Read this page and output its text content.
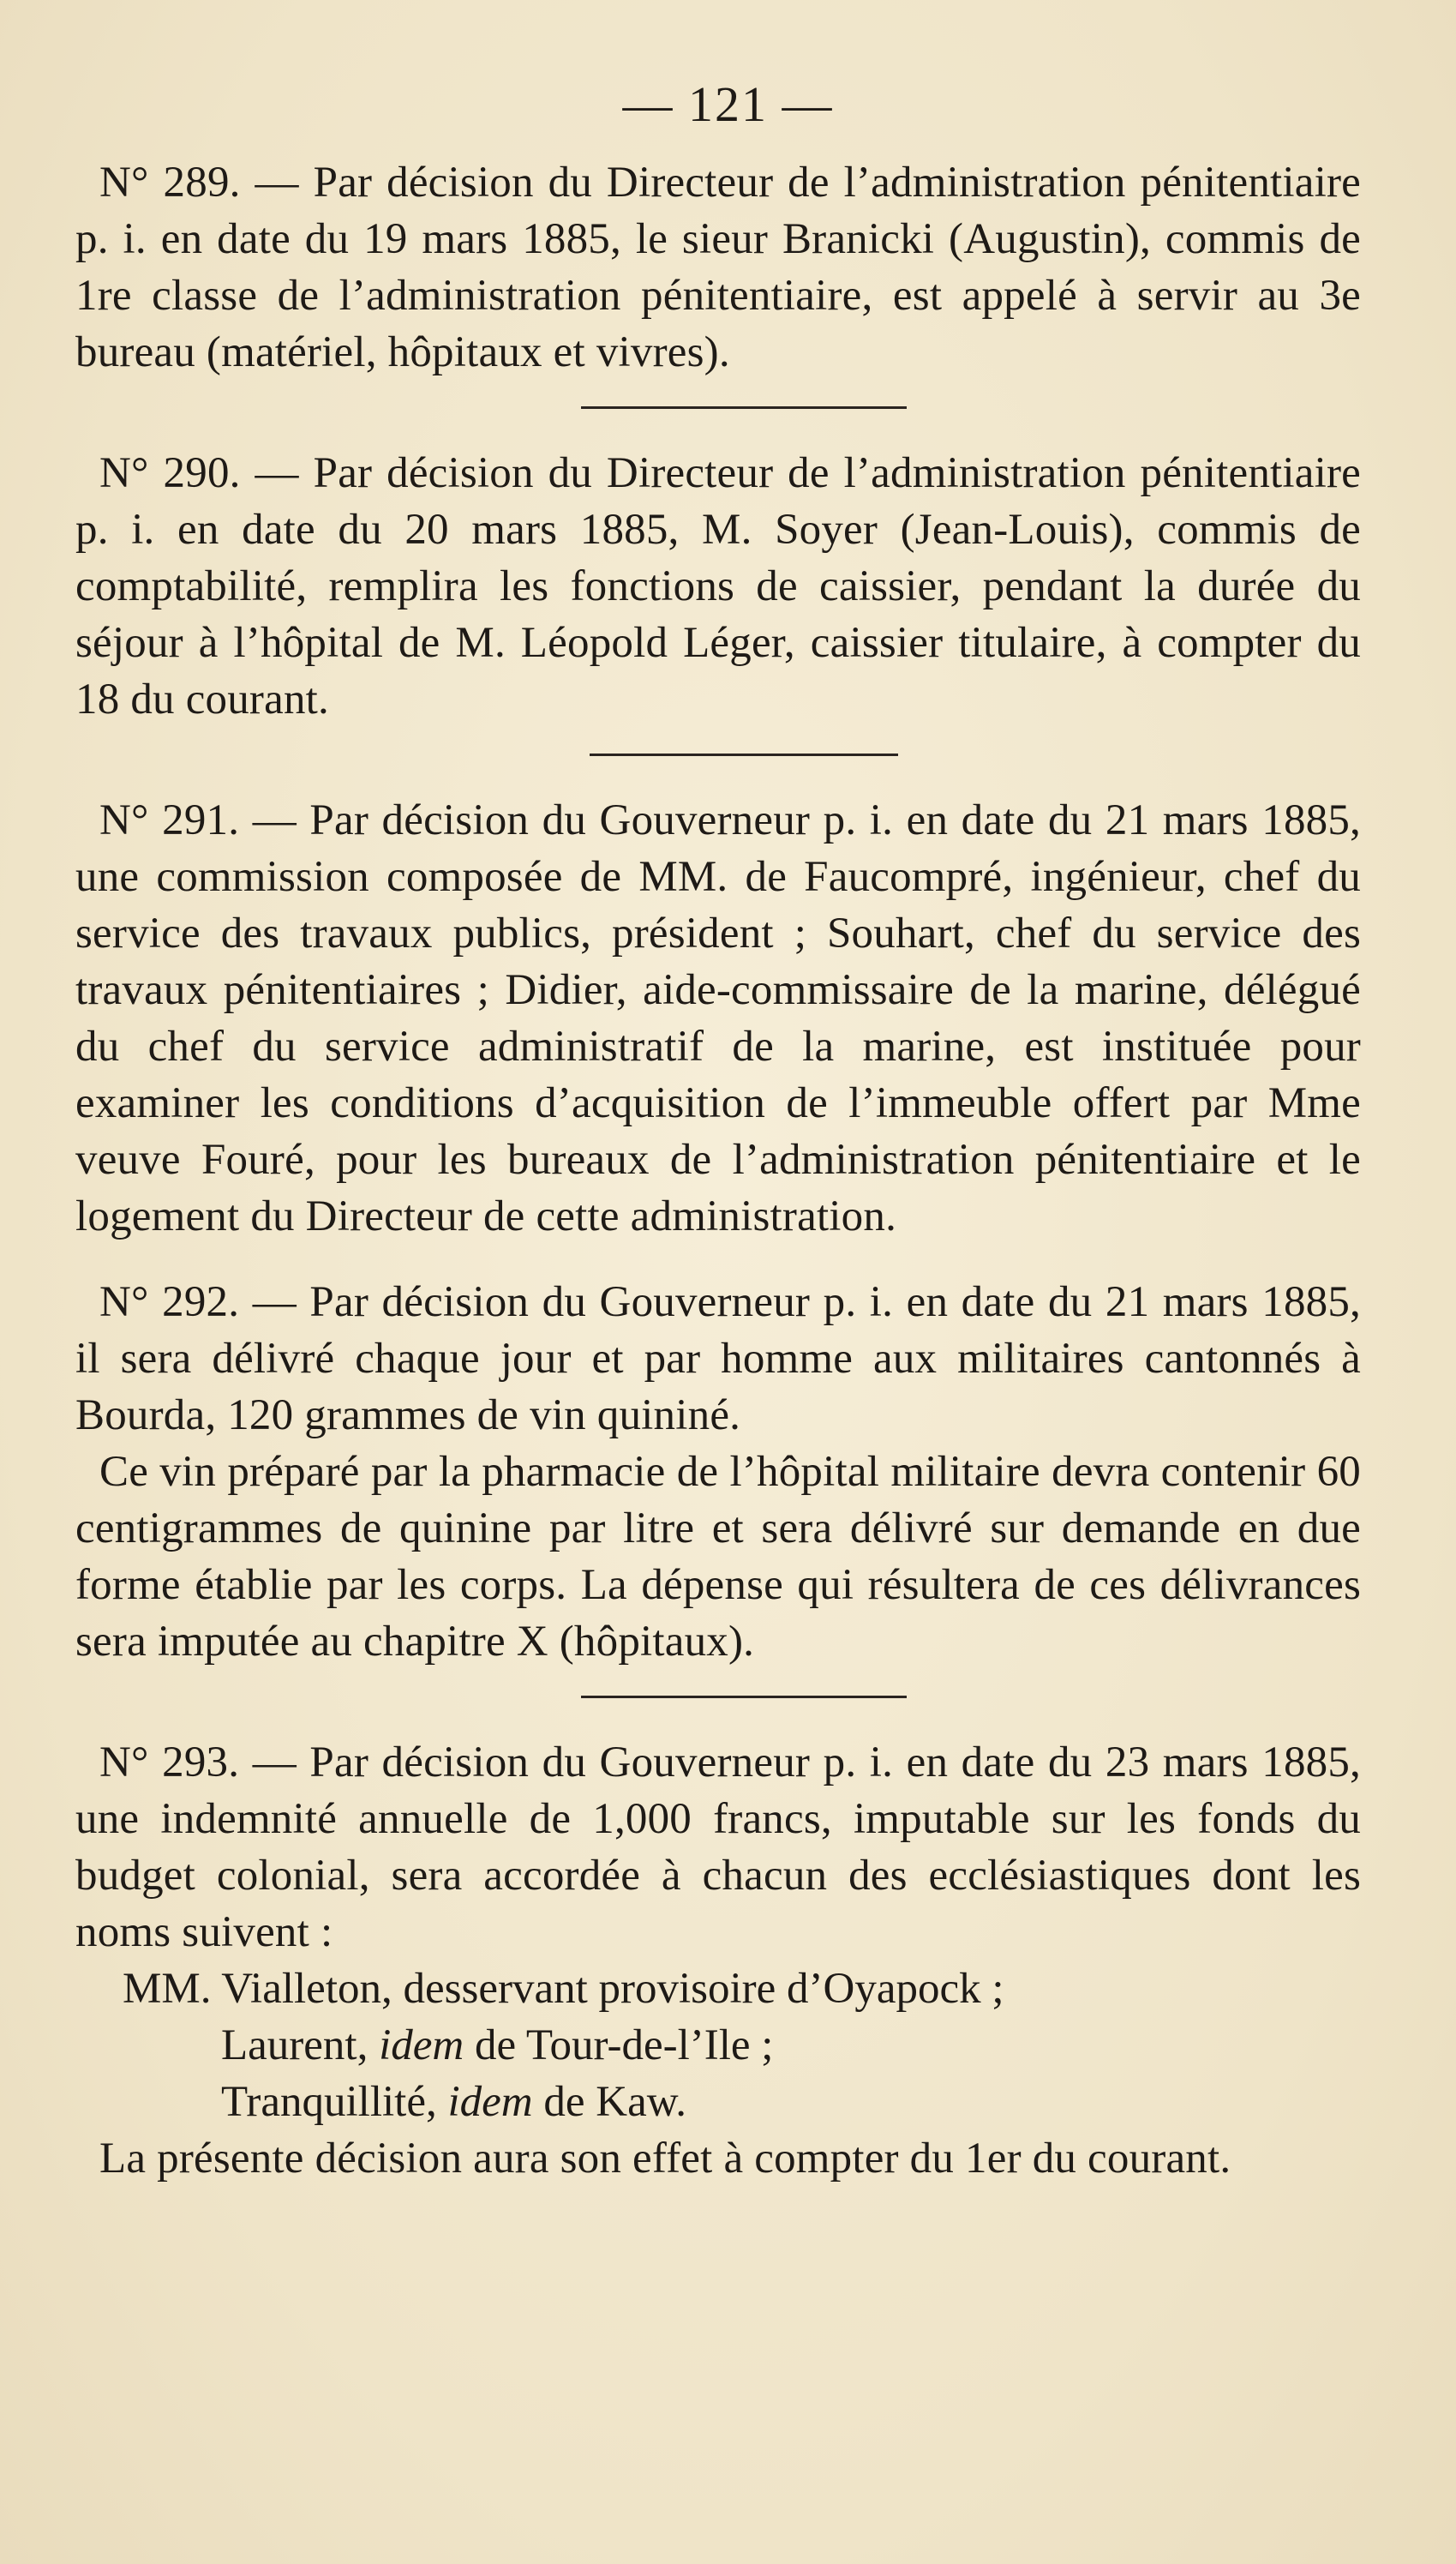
— 121 —

N° 289. — Par décision du Directeur de l’administration pénitentiaire p. i. en date du 19 mars 1885, le sieur Branicki (Augustin), commis de 1re classe de l’administration pénitentiaire, est appelé à servir au 3e bureau (matériel, hôpitaux et vivres).

N° 290. — Par décision du Directeur de l’administration pénitentiaire p. i. en date du 20 mars 1885, M. Soyer (Jean-Louis), commis de comptabilité, remplira les fonctions de caissier, pendant la durée du séjour à l’hôpital de M. Léopold Léger, caissier titulaire, à compter du 18 du courant.

N° 291. — Par décision du Gouverneur p. i. en date du 21 mars 1885, une commission composée de MM. de Faucompré, ingénieur, chef du service des travaux publics, président ; Souhart, chef du service des travaux pénitentiaires ; Didier, aide-commissaire de la marine, délégué du chef du service administratif de la marine, est instituée pour examiner les conditions d’acquisition de l’immeuble offert par Mme veuve Fouré, pour les bureaux de l’administration pénitentiaire et le logement du Directeur de cette administration.

N° 292. — Par décision du Gouverneur p. i. en date du 21 mars 1885, il sera délivré chaque jour et par homme aux militaires cantonnés à Bourda, 120 grammes de vin quininé.

Ce vin préparé par la pharmacie de l’hôpital militaire devra contenir 60 centigrammes de quinine par litre et sera délivré sur demande en due forme établie par les corps. La dépense qui résultera de ces délivrances sera imputée au chapitre X (hôpitaux).

N° 293. — Par décision du Gouverneur p. i. en date du 23 mars 1885, une indemnité annuelle de 1,000 francs, imputable sur les fonds du budget colonial, sera accordée à chacun des ecclésiastiques dont les noms suivent :

MM. Vialleton, desservant provisoire d’Oyapock ;
Laurent, idem de Tour-de-l’Ile ;
Tranquillité, idem de Kaw.

La présente décision aura son effet à compter du 1er du courant.
